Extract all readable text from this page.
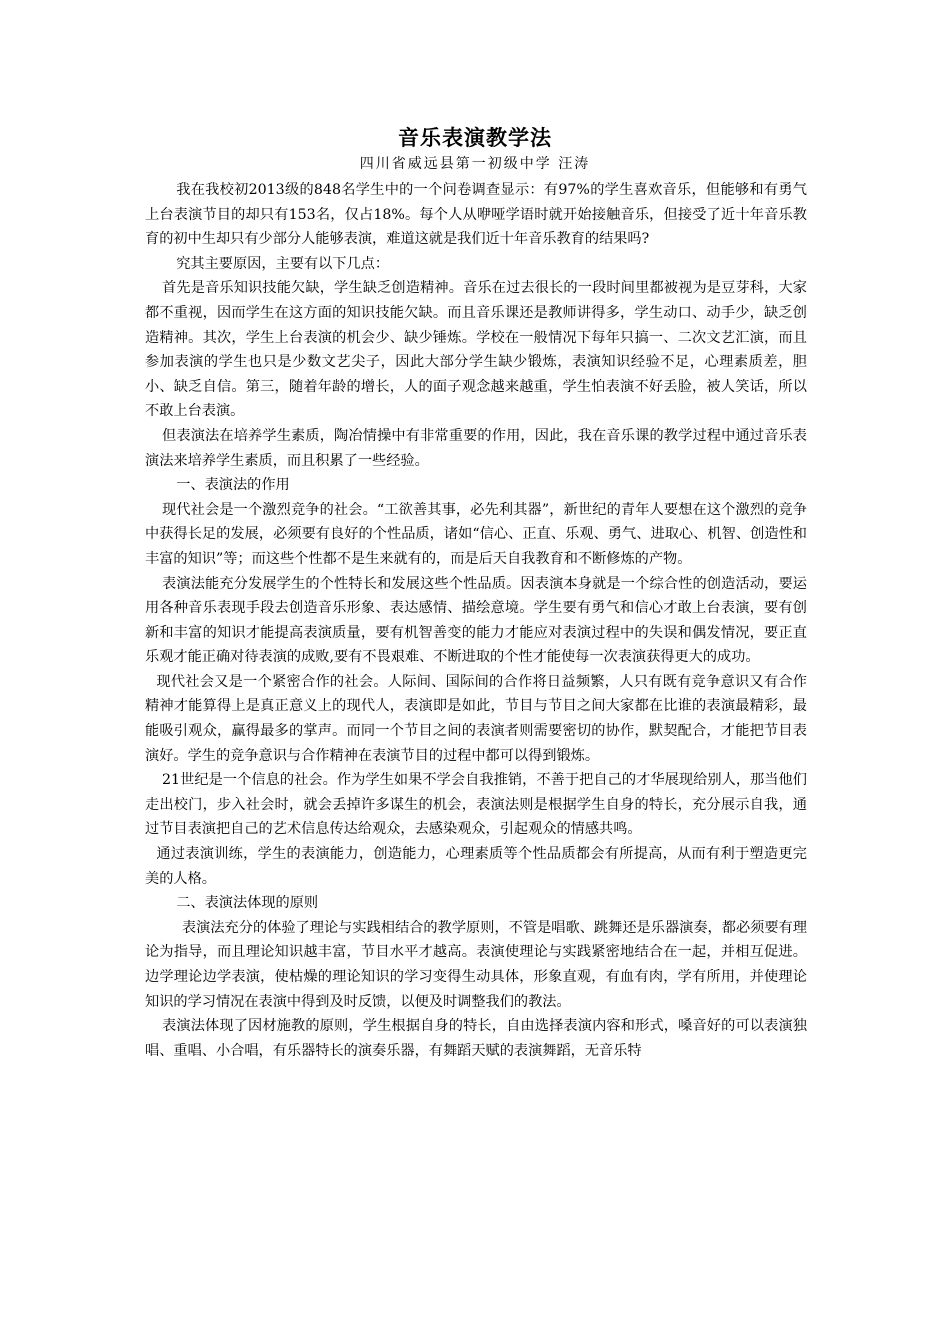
音乐表演教学法
四川省威远县第一初级中学 汪涛

我在我校初2013级的848名学生中的一个问卷调查显示：有97%的学生喜欢音乐，但能够和有勇气上台表演节目的却只有153名，仅占18%。每个人从咿哑学语时就开始接触音乐，但接受了近十年音乐教育的初中生却只有少部分人能够表演，难道这就是我们近十年音乐教育的结果吗?

究其主要原因，主要有以下几点：

首先是音乐知识技能欠缺，学生缺乏创造精神。音乐在过去很长的一段时间里都被视为是豆芽科，大家都不重视，因而学生在这方面的知识技能欠缺。而且音乐课还是教师讲得多，学生动口、动手少，缺乏创造精神。其次，学生上台表演的机会少、缺少锤炼。学校在一般情况下每年只搞一、二次文艺汇演，而且参加表演的学生也只是少数文艺尖子，因此大部分学生缺少锻炼，表演知识经验不足，心理素质差，胆小、缺乏自信。第三，随着年龄的增长，人的面子观念越来越重，学生怕表演不好丢脸，被人笑话，所以不敢上台表演。

但表演法在培养学生素质，陶冶情操中有非常重要的作用，因此，我在音乐课的教学过程中通过音乐表演法来培养学生素质，而且积累了一些经验。

一、表演法的作用

现代社会是一个激烈竞争的社会。“工欲善其事，必先利其器”，新世纪的青年人要想在这个激烈的竞争中获得长足的发展，必须要有良好的个性品质，诸如“信心、正直、乐观、勇气、进取心、机智、创造性和丰富的知识”等；而这些个性都不是生来就有的，而是后天自我教育和不断修炼的产物。

表演法能充分发展学生的个性特长和发展这些个性品质。因表演本身就是一个综合性的创造活动，要运用各种音乐表现手段去创造音乐形象、表达感情、描绘意境。学生要有勇气和信心才敢上台表演，要有创新和丰富的知识才能提高表演质量，要有机智善变的能力才能应对表演过程中的失误和偶发情况，要正直乐观才能正确对待表演的成败,要有不畏艰难、不断进取的个性才能使每一次表演获得更大的成功。

现代社会又是一个紧密合作的社会。人际间、国际间的合作将日益频繁，人只有既有竞争意识又有合作精神才能算得上是真正意义上的现代人，表演即是如此，节目与节目之间大家都在比谁的表演最精彩，最能吸引观众，赢得最多的掌声。而同一个节目之间的表演者则需要密切的协作，默契配合，才能把节目表演好。学生的竞争意识与合作精神在表演节目的过程中都可以得到锻炼。

21世纪是一个信息的社会。作为学生如果不学会自我推销，不善于把自己的才华展现给别人，那当他们走出校门，步入社会时，就会丢掉许多谋生的机会，表演法则是根据学生自身的特长，充分展示自我，通过节目表演把自己的艺术信息传达给观众，去感染观众，引起观众的情感共鸣。

通过表演训练，学生的表演能力，创造能力，心理素质等个性品质都会有所提高，从而有利于塑造更完美的人格。

二、表演法体现的原则

表演法充分的体验了理论与实践相结合的教学原则，不管是唱歌、跳舞还是乐器演奏，都必须要有理论为指导，而且理论知识越丰富，节目水平才越高。表演使理论与实践紧密地结合在一起，并相互促进。边学理论边学表演，使枯燥的理论知识的学习变得生动具体，形象直观，有血有肉，学有所用，并使理论知识的学习情况在表演中得到及时反馈，以便及时调整我们的教法。

表演法体现了因材施教的原则，学生根据自身的特长，自由选择表演内容和形式，嗓音好的可以表演独唱、重唱、小合唱，有乐器特长的演奏乐器，有舞蹈天赋的表演舞蹈，无音乐特
